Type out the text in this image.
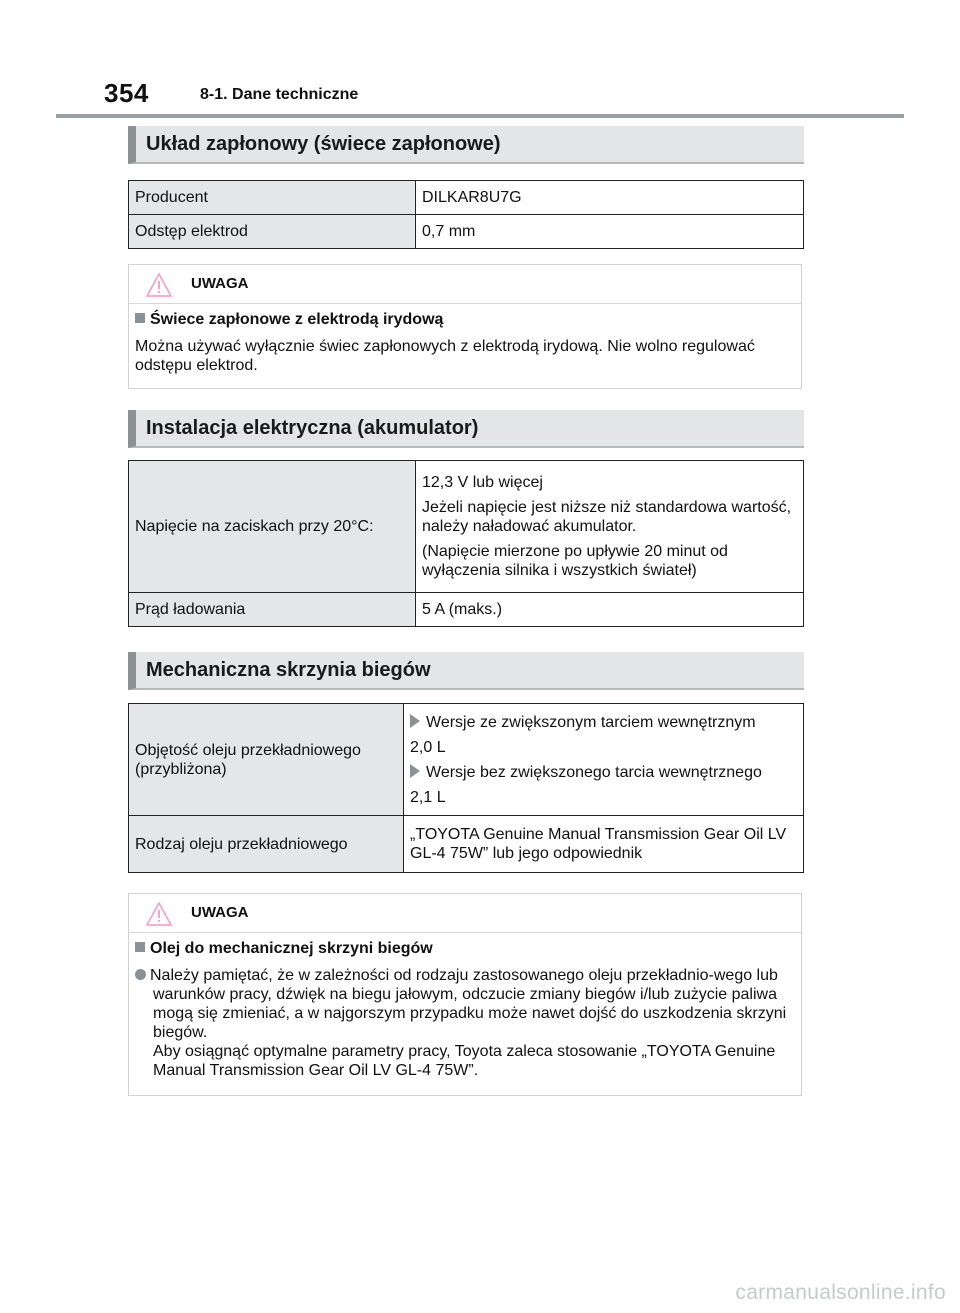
354	8-1. Dane techniczne
Układ zapłonowy (świece zapłonowe)
Producent	DILKAR8U7G
Odstęp elektrod	0,7 mm
UWAGA
Świece zapłonowe z elektrodą irydową
Można używać wyłącznie świec zapłonowych z elektrodą irydową. Nie wolno regulować odstępu elektrod.
Instalacja elektryczna (akumulator)
Napięcie na zaciskach przy 20°C:	12,3 V lub więcej

Jeżeli napięcie jest niższe niż standardowa wartość, należy naładować akumulator.

(Napięcie mierzone po upływie 20 minut od wyłączenia silnika i wszystkich świateł)

Prąd ładowania	5 A (maks.)
Mechaniczna skrzynia biegów
Objętość oleju przekładniowego (przybliżona)	Wersje ze zwiększonym tarciem wewnętrznym

2,0 L

Wersje bez zwiększonego tarcia wewnętrznego

2,1 L

Rodzaj oleju przekładniowego	„TOYOTA Genuine Manual Transmission Gear Oil LV GL-4 75W” lub jego odpowiednik
UWAGA
Olej do mechanicznej skrzyni biegów
Należy pamiętać, że w zależności od rodzaju zastosowanego oleju przekładnio-wego lub warunków pracy, dźwięk na biegu jałowym, odczucie zmiany biegów i/lub zużycie paliwa mogą się zmieniać, a w najgorszym przypadku może nawet dojść do uszkodzenia skrzyni biegów.
Aby osiągnąć optymalne parametry pracy, Toyota zaleca stosowanie „TOYOTA Genuine Manual Transmission Gear Oil LV GL-4 75W”.
carmanualsonline.info
